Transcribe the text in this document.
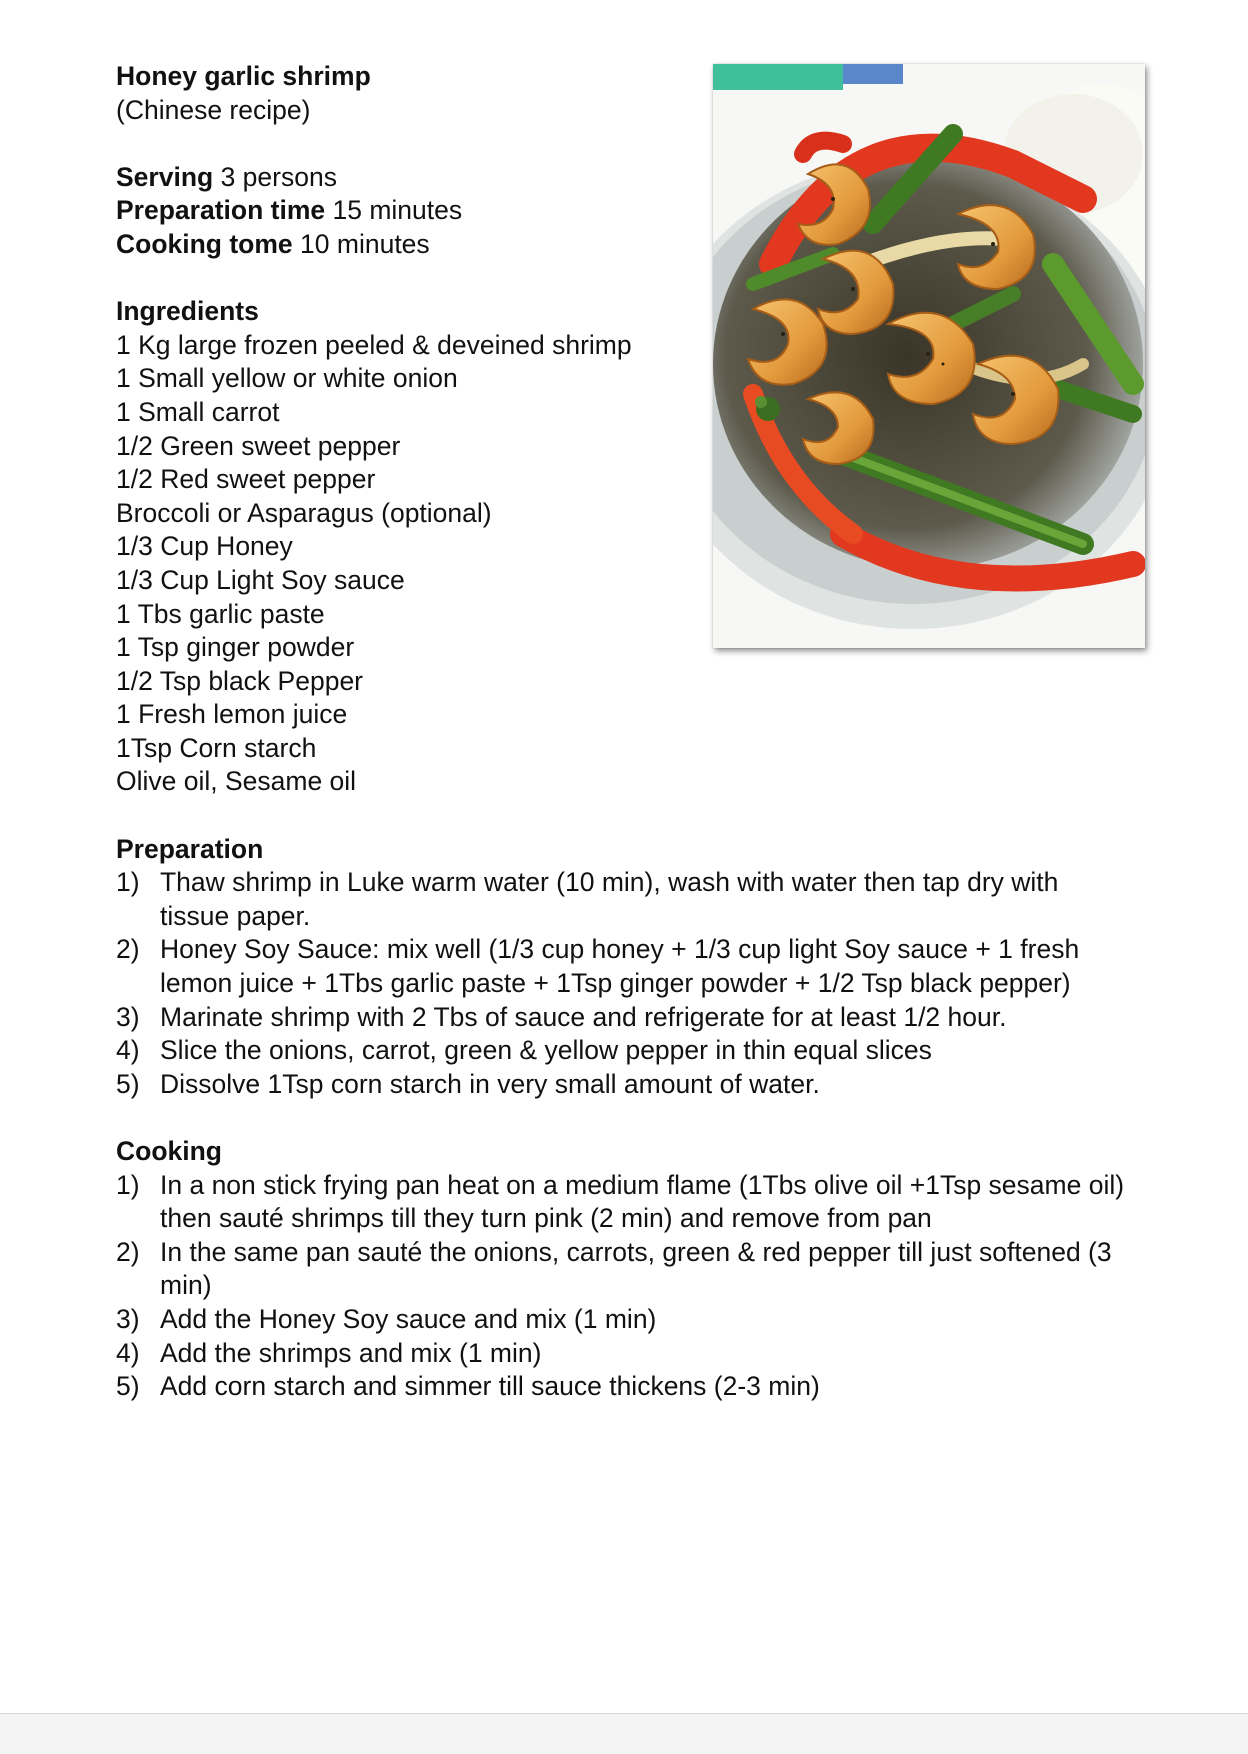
Honey garlic shrimp
(Chinese recipe)
Serving 3 persons
Preparation time 15 minutes
Cooking tome 10 minutes
Ingredients
1 Kg large frozen peeled & deveined shrimp
1 Small yellow or white onion
1 Small carrot
1/2 Green sweet pepper
1/2 Red sweet pepper
Broccoli or Asparagus (optional)
1/3 Cup Honey
1/3 Cup Light Soy sauce
1 Tbs garlic paste
1 Tsp ginger powder
1/2 Tsp black Pepper
1 Fresh lemon juice
1Tsp Corn starch
Olive oil, Sesame oil
Preparation
1) Thaw shrimp in Luke warm water (10 min), wash with water then tap dry with tissue paper.
2) Honey Soy Sauce: mix well (1/3 cup honey + 1/3 cup light Soy sauce + 1 fresh lemon juice + 1Tbs garlic paste + 1Tsp ginger powder + 1/2 Tsp black pepper)
3) Marinate shrimp with 2 Tbs of sauce and refrigerate for at least 1/2 hour.
4) Slice the onions, carrot, green & yellow pepper in thin equal slices
5) Dissolve 1Tsp corn starch in very small amount of water.
Cooking
1) In a non stick frying pan heat on a medium flame (1Tbs olive oil +1Tsp sesame oil) then sauté shrimps till they turn pink (2 min) and remove from pan
2) In the same pan sauté the onions, carrots, green & red pepper till just softened (3 min)
3) Add the Honey Soy sauce and mix (1 min)
4) Add the shrimps and mix (1 min)
5) Add corn starch and simmer till sauce thickens (2-3 min)
